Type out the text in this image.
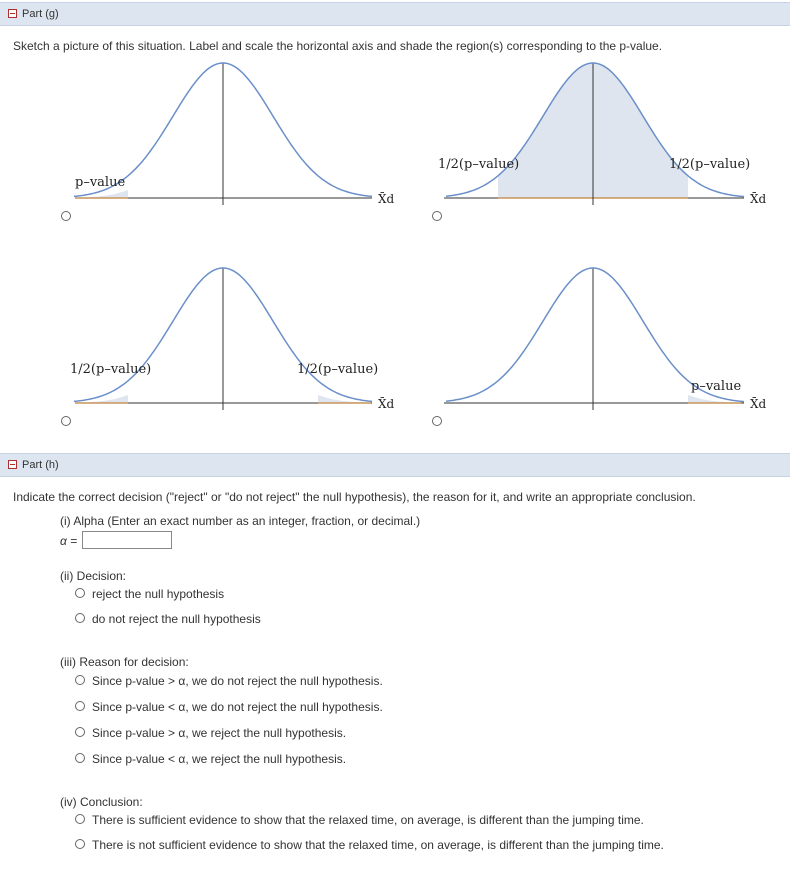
Part (g)
Sketch a picture of this situation. Label and scale the horizontal axis and shade the region(s) corresponding to the p-value.
p–value
X̄d
1/2(p–value)	1/2(p–value)
X̄d
1/2(p–value)	1/2(p–value)
X̄d
p–value
X̄d
Part (h)
Indicate the correct decision ("reject" or "do not reject" the null hypothesis), the reason for it, and write an appropriate conclusion.
(i) Alpha (Enter an exact number as an integer, fraction, or decimal.)
α =
(ii) Decision:
reject the null hypothesis
do not reject the null hypothesis
(iii) Reason for decision:
Since p-value > α, we do not reject the null hypothesis.
Since p-value < α, we do not reject the null hypothesis.
Since p-value > α, we reject the null hypothesis.
Since p-value < α, we reject the null hypothesis.
(iv) Conclusion:
There is sufficient evidence to show that the relaxed time, on average, is different than the jumping time.
There is not sufficient evidence to show that the relaxed time, on average, is different than the jumping time.
